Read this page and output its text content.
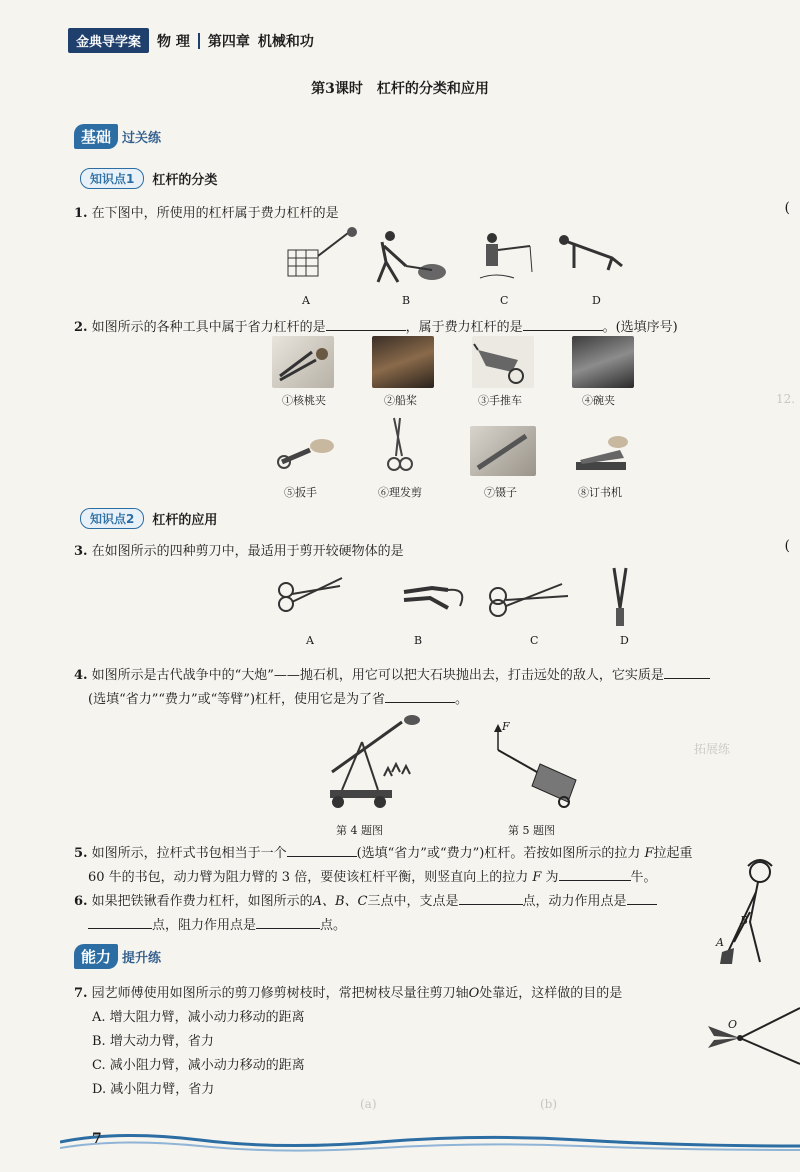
12.
(a)	(b)
拓展练
金典导学案	物 理 第四章 机械和功
第3课时　杠杆的分类和应用
基础 过关练
知识点1	杠杆的分类
1. 在下图中，所使用的杠杆属于费力杠杆的是	(
A	B	C	D
2. 如图所示的各种工具中属于省力杠杆的是	，属于费力杠杆的是	。(选填序号)
①核桃夹	②船桨	③手推车	④碗夹
⑤扳手	⑥理发剪	⑦镊子	⑧订书机
知识点2	杠杆的应用
3. 在如图所示的四种剪刀中，最适用于剪开较硬物体的是	(
A	B	C	D
4. 如图所示是古代战争中的“大炮”——抛石机，用它可以把大石块抛出去，打击远处的敌人，它实质是
(选填“省力”“费力”或“等臂”)杠杆，使用它是为了省	。
F
第 4 题图	第 5 题图
5. 如图所示，拉杆式书包相当于一个	(选填“省力”或“费力”)杠杆。若按如图所示的拉力 F拉起重
60 牛的书包，动力臂为阻力臂的 3 倍，要使该杠杆平衡，则竖直向上的拉力 F 为	牛。
6. 如果把铁锹看作费力杠杆，如图所示的A、B、C三点中，支点是	点，动力作用点是
点，阻力作用点是	点。	B
A
能力 提升练
7. 园艺师傅使用如图所示的剪刀修剪树枝时，常把树枝尽量往剪刀轴O处靠近，这样做的目的是
A. 增大阻力臂，减小动力移动的距离
B. 增大动力臂，省力
C. 减小阻力臂，减小动力移动的距离
D. 减小阻力臂，省力
O
7
